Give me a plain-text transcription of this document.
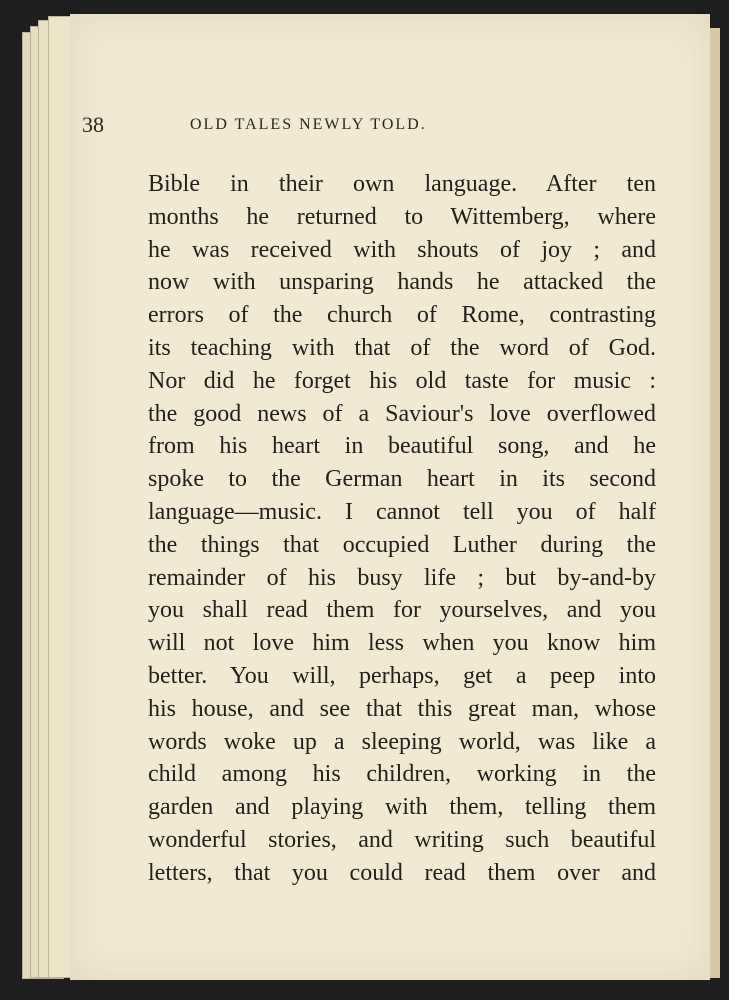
38	OLD TALES NEWLY TOLD.
Bible in their own language. After ten
months he returned to Wittemberg, where
he was received with shouts of joy ; and
now with unsparing hands he attacked the
errors of the church of Rome, contrasting
its teaching with that of the word of God.
Nor did he forget his old taste for music :
the good news of a Saviour's love overflowed
from his heart in beautiful song, and he
spoke to the German heart in its second
language—music. I cannot tell you of half
the things that occupied Luther during the
remainder of his busy life ; but by-and-by
you shall read them for yourselves, and you
will not love him less when you know him
better. You will, perhaps, get a peep into
his house, and see that this great man, whose
words woke up a sleeping world, was like a
child among his children, working in the
garden and playing with them, telling them
wonderful stories, and writing such beautiful
letters, that you could read them over and
